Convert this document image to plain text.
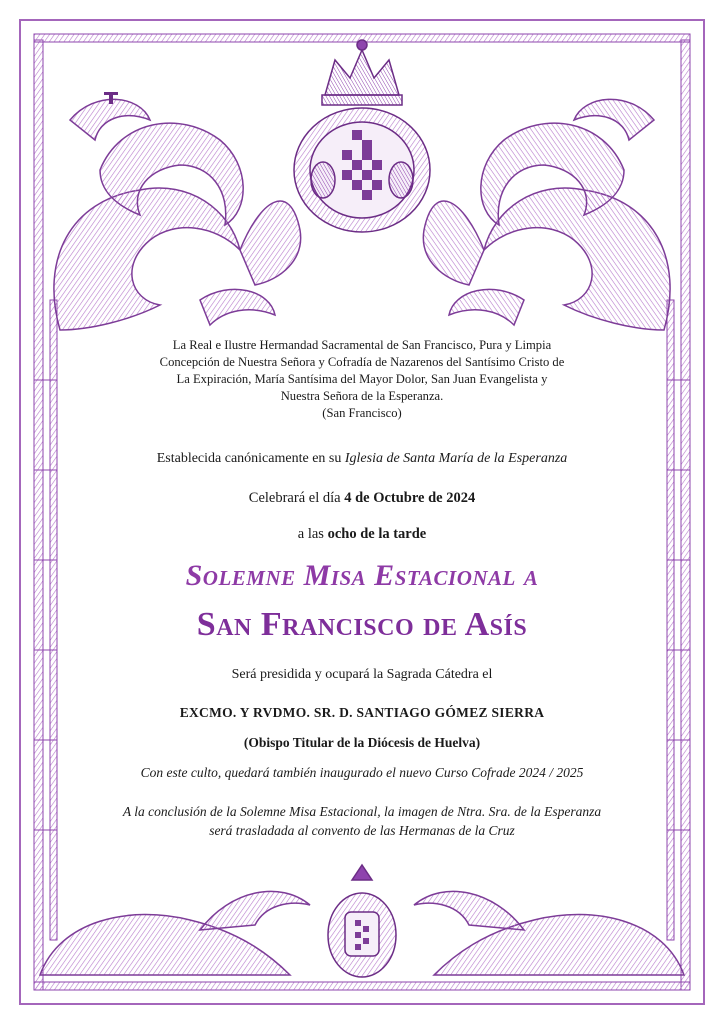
La Real e Ilustre Hermandad Sacramental de San Francisco, Pura y Limpia
Concepción de Nuestra Señora y Cofradía de Nazarenos del Santísimo Cristo de
La Expiración, María Santísima del Mayor Dolor, San Juan Evangelista y
Nuestra Señora de la Esperanza.
(San Francisco)
Establecida canónicamente en su Iglesia de Santa María de la Esperanza
Celebrará el día 4 de Octubre de 2024
a las ocho de la tarde
Solemne Misa Estacional a
San Francisco de Asís
Será presidida y ocupará la Sagrada Cátedra el
EXCMO. Y RVDMO. SR. D. SANTIAGO GÓMEZ SIERRA
(Obispo Titular de la Diócesis de Huelva)
Con este culto, quedará también inaugurado el nuevo Curso Cofrade 2024 / 2025
A la conclusión de la Solemne Misa Estacional, la imagen de Ntra. Sra. de la Esperanza
será trasladada al convento de las Hermanas de la Cruz
